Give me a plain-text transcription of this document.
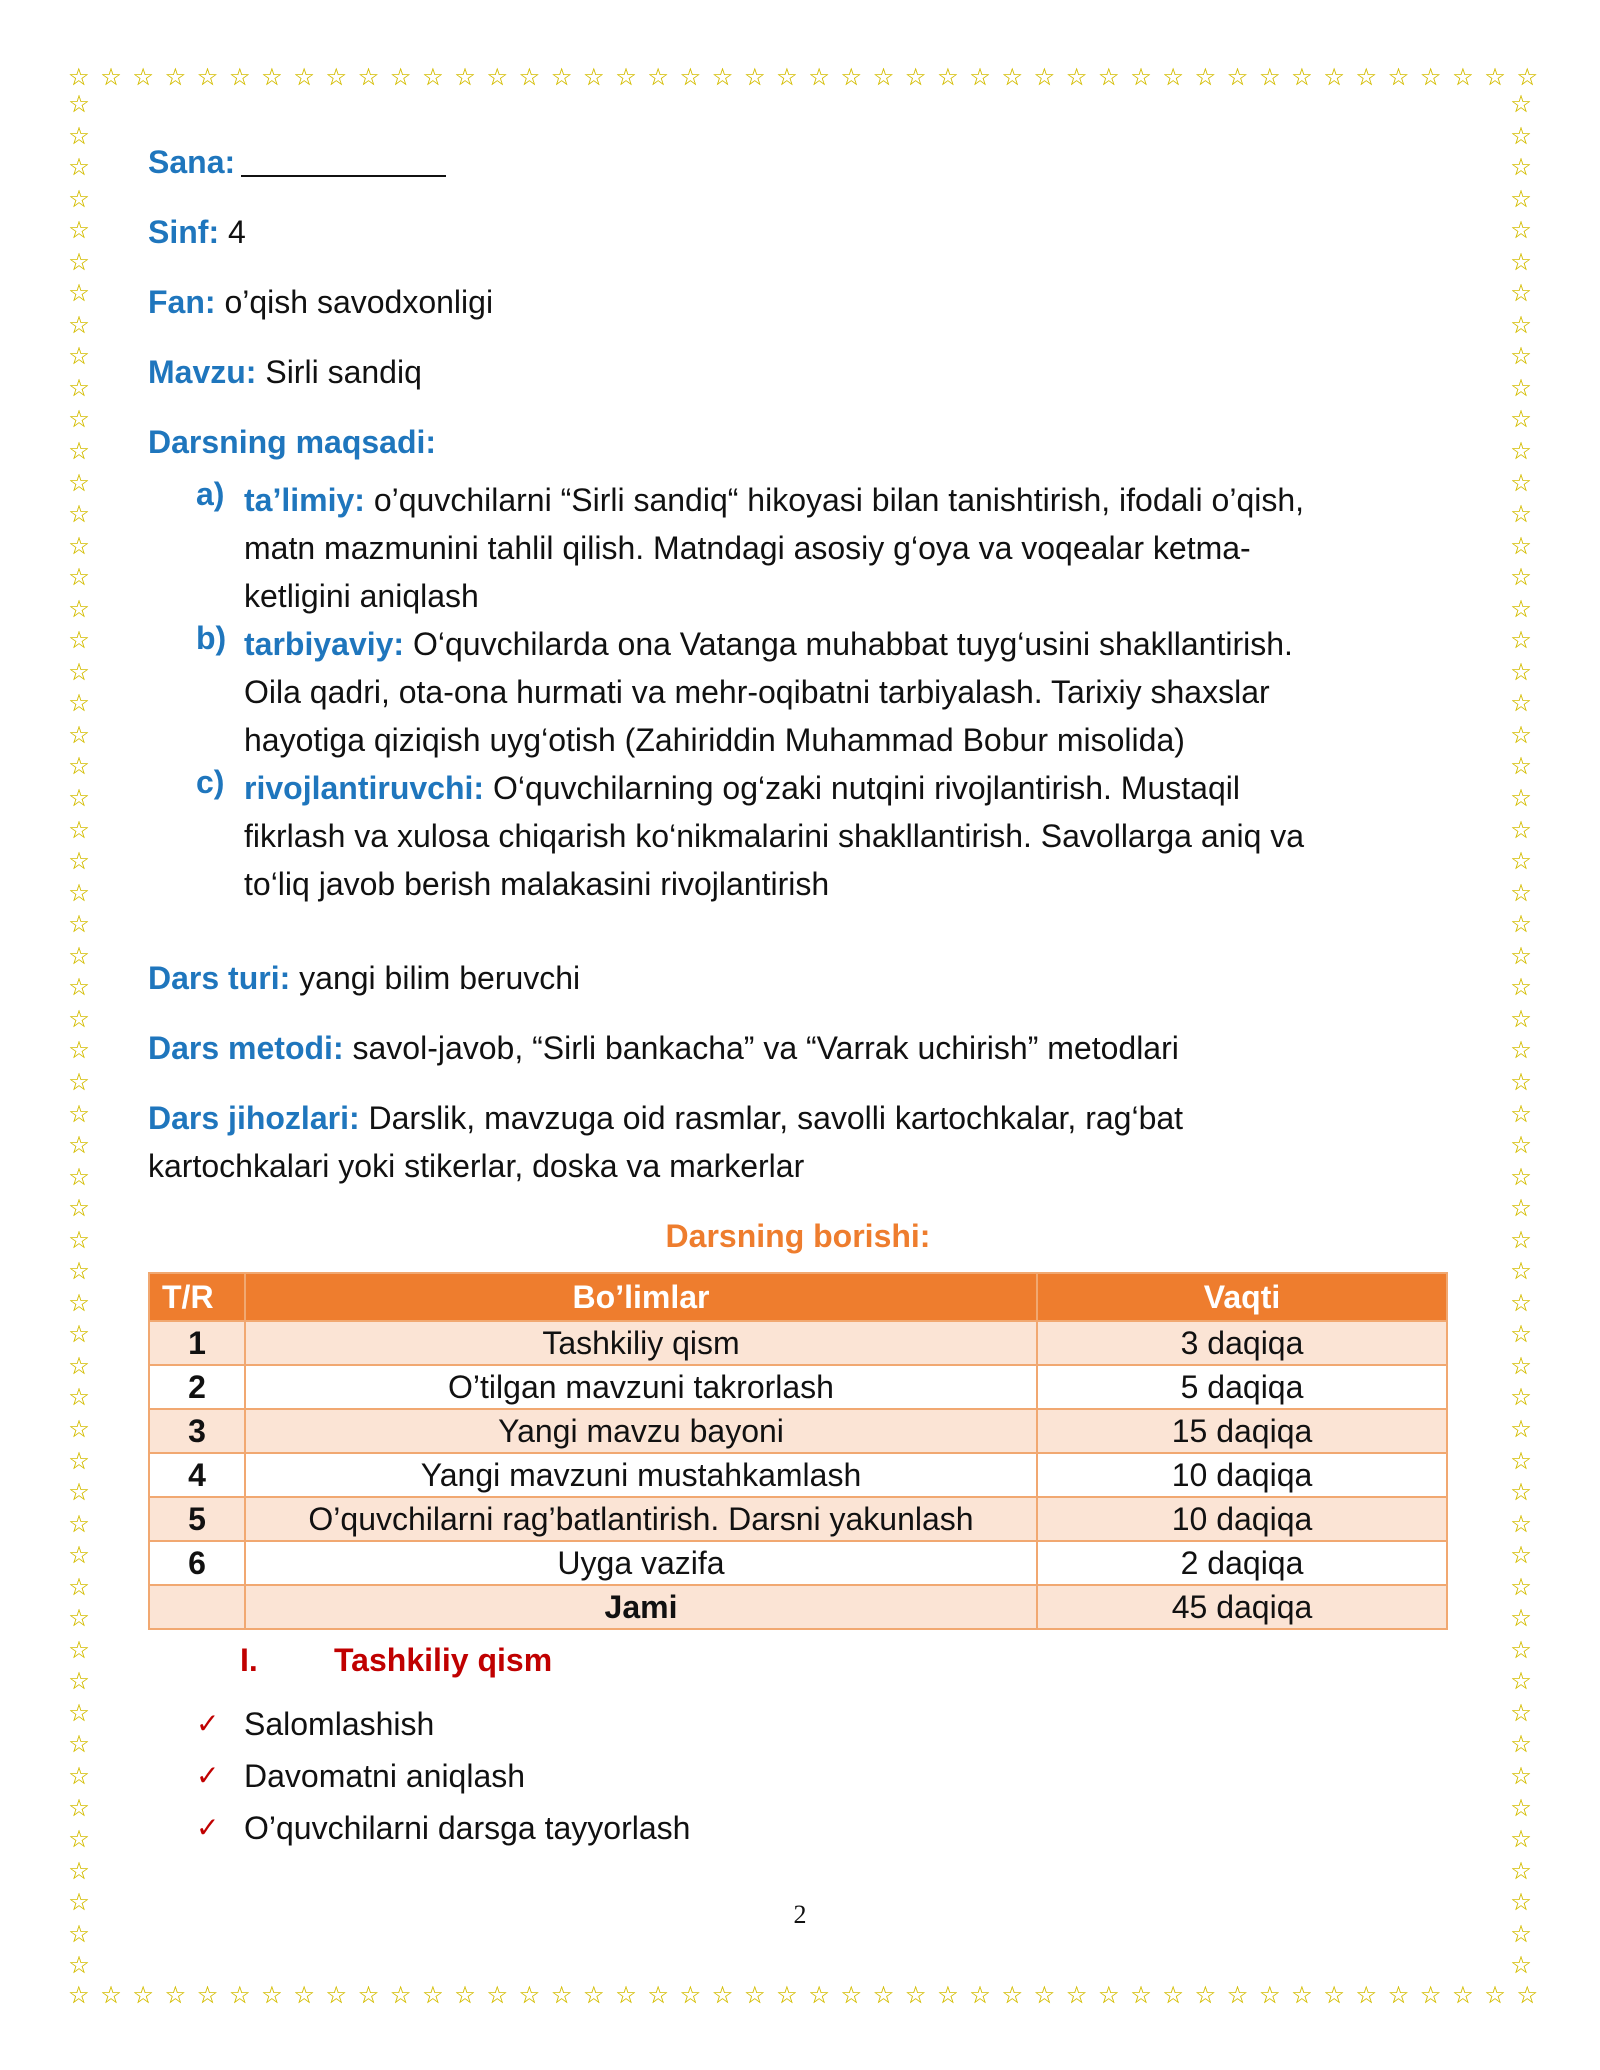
☆ ☆ ☆ ☆ ☆ ☆ ☆ ☆ ☆ ☆ ☆ ☆ ☆ ☆ ☆ ☆ ☆ ☆ ☆ ☆ ☆ ☆ ☆ ☆ ☆ ☆ ☆ ☆ ☆ ☆ ☆ ☆ ☆ ☆ ☆ ☆ ☆ ☆ ☆ ☆ ☆ ☆ ☆ ☆ ☆ ☆
☆ ☆ ☆ ☆ ☆ ☆ ☆ ☆ ☆ ☆ ☆ ☆ ☆ ☆ ☆ ☆ ☆ ☆ ☆ ☆ ☆ ☆ ☆ ☆ ☆ ☆ ☆ ☆ ☆ ☆ ☆ ☆ ☆ ☆ ☆ ☆ ☆ ☆ ☆ ☆ ☆ ☆ ☆ ☆ ☆ ☆
☆
☆
☆
☆
☆
☆
☆
☆
☆
☆
☆
☆
☆
☆
☆
☆
☆
☆
☆
☆
☆
☆
☆
☆
☆
☆
☆
☆
☆
☆
☆
☆
☆
☆
☆
☆
☆
☆
☆
☆
☆
☆
☆
☆
☆
☆
☆
☆
☆
☆
☆
☆
☆
☆
☆
☆
☆
☆
☆
☆
☆
☆
☆
☆
☆
☆
☆
☆
☆
☆
☆
☆
☆
☆
☆
☆
☆
☆
☆
☆
☆
☆
☆
☆
☆
☆
☆
☆
☆
☆
☆
☆
☆
☆
☆
☆
☆
☆
☆
☆
☆
☆
☆
☆
☆
☆
☆
☆
☆
☆
☆
☆
☆
☆
☆
☆
☆
☆
☆
☆

Sana:

Sinf: 4

Fan: o’qish savodxonligi

Mavzu: Sirli sandiq

Darsning maqsadi:

a) ta’limiy: o’quvchilarni “Sirli sandiq“ hikoyasi bilan tanishtirish, ifodali o’qish,

matn mazmunini tahlil qilish. Matndagi asosiy g‘oya va voqealar ketma-

ketligini aniqlash

b) tarbiyaviy: O‘quvchilarda ona Vatanga muhabbat tuyg‘usini shakllantirish.

Oila qadri, ota-ona hurmati va mehr-oqibatni tarbiyalash. Tarixiy shaxslar

hayotiga qiziqish uyg‘otish (Zahiriddin Muhammad Bobur misolida)

c) rivojlantiruvchi: O‘quvchilarning og‘zaki nutqini rivojlantirish. Mustaqil

fikrlash va xulosa chiqarish ko‘nikmalarini shakllantirish. Savollarga aniq va

to‘liq javob berish malakasini rivojlantirish

Dars turi: yangi bilim beruvchi

Dars metodi: savol-javob, “Sirli bankacha” va “Varrak uchirish” metodlari

Dars jihozlari: Darslik, mavzuga oid rasmlar, savolli kartochkalar, rag‘bat

kartochkalari yoki stikerlar, doska va markerlar

Darsning borishi:

T/R	Bo’limlar	Vaqti
1	Tashkiliy qism	3 daqiqa
2	O’tilgan mavzuni takrorlash	5 daqiqa
3	Yangi mavzu bayoni	15 daqiqa
4	Yangi mavzuni mustahkamlash	10 daqiqa
5	O’quvchilarni rag’batlantirish. Darsni yakunlash	10 daqiqa
6	Uyga vazifa	2 daqiqa
	Jami	45 daqiqa
I.	Tashkiliy qism
✓ Salomlashish
✓ Davomatni aniqlash
✓ O’quvchilarni darsga tayyorlash
2
